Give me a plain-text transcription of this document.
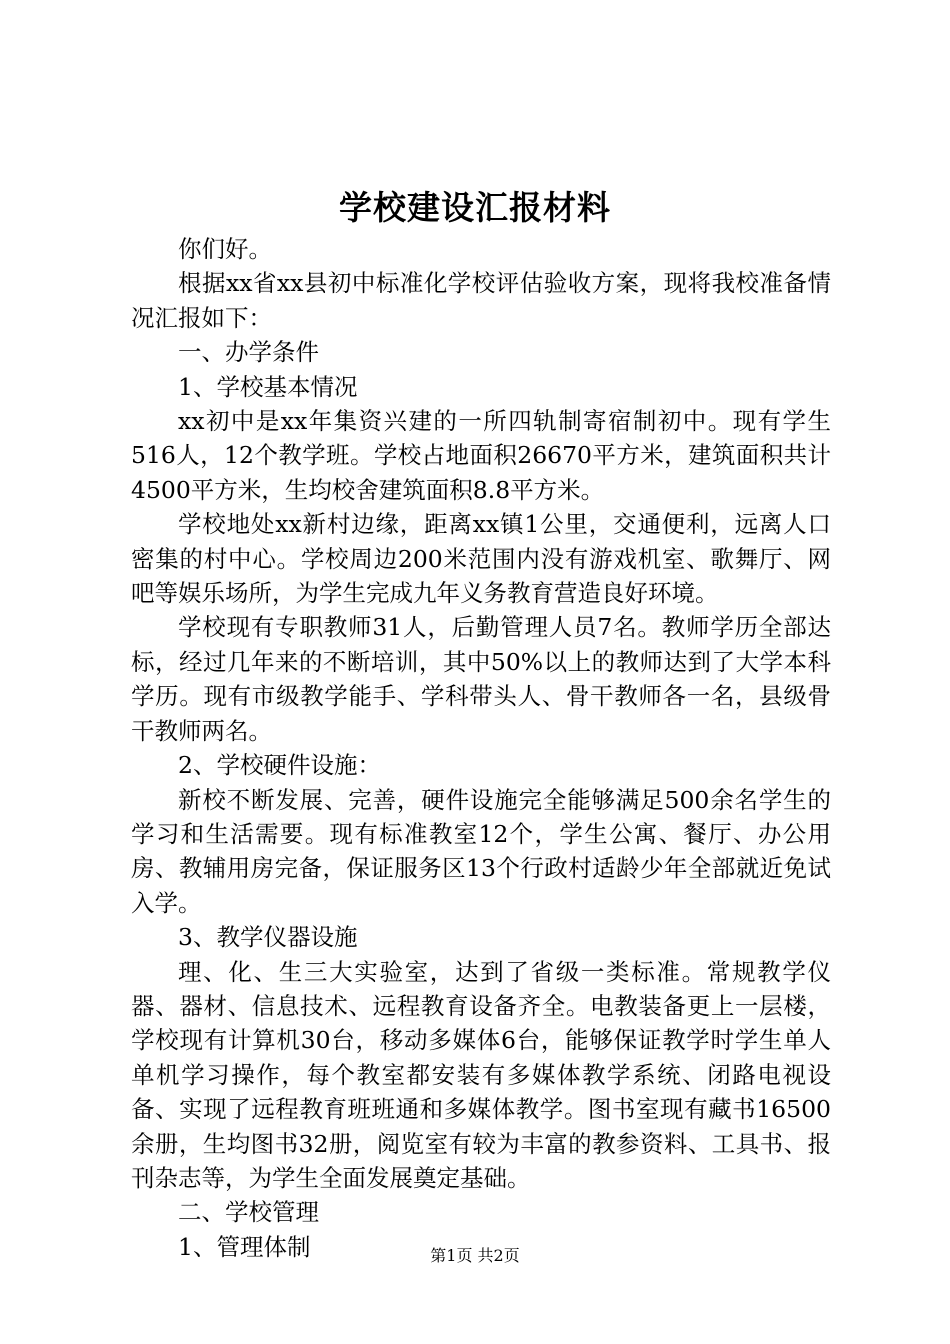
学校建设汇报材料

你们好。

根据xx省xx县初中标准化学校评估验收方案，现将我校准备情况汇报如下：

一、办学条件

1、学校基本情况

xx初中是xx年集资兴建的一所四轨制寄宿制初中。现有学生516人，12个教学班。学校占地面积26670平方米，建筑面积共计4500平方米，生均校舍建筑面积8.8平方米。

学校地处xx新村边缘，距离xx镇1公里，交通便利，远离人口密集的村中心。学校周边200米范围内没有游戏机室、歌舞厅、网吧等娱乐场所，为学生完成九年义务教育营造良好环境。

学校现有专职教师31人，后勤管理人员7名。教师学历全部达标，经过几年来的不断培训，其中50%以上的教师达到了大学本科学历。现有市级教学能手、学科带头人、骨干教师各一名，县级骨干教师两名。

2、学校硬件设施：

新校不断发展、完善，硬件设施完全能够满足500余名学生的学习和生活需要。现有标准教室12个，学生公寓、餐厅、办公用房、教辅用房完备，保证服务区13个行政村适龄少年全部就近免试入学。

3、教学仪器设施

理、化、生三大实验室，达到了省级一类标准。常规教学仪器、器材、信息技术、远程教育设备齐全。电教装备更上一层楼，学校现有计算机30台，移动多媒体6台，能够保证教学时学生单人单机学习操作，每个教室都安装有多媒体教学系统、闭路电视设备、实现了远程教育班班通和多媒体教学。图书室现有藏书16500余册，生均图书32册，阅览室有较为丰富的教参资料、工具书、报刊杂志等，为学生全面发展奠定基础。

二、学校管理

1、管理体制	第1页 共2页
